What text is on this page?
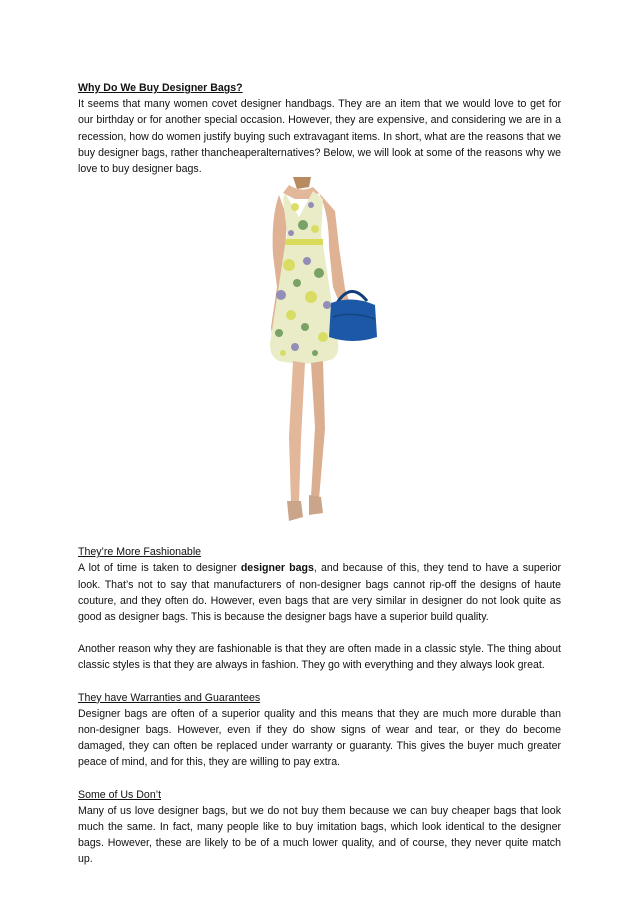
Why Do We Buy Designer Bags?

It seems that many women covet designer handbags. They are an item that we would love to get for our birthday or for another special occasion. However, they are expensive, and considering we are in a recession, how do women justify buying such extravagant items. In short, what are the reasons that we buy designer bags, rather thancheaperalternatives? Below, we will look at some of the reasons why we love to buy designer bags.

They’re More Fashionable

A lot of time is taken to designer designer bags, and because of this, they tend to have a superior look. That’s not to say that manufacturers of non-designer bags cannot rip-off the designs of haute couture, and they often do. However, even bags that are very similar in designer do not look quite as good as designer bags. This is because the designer bags have a superior build quality.

Another reason why they are fashionable is that they are often made in a classic style. The thing about classic styles is that they are always in fashion. They go with everything and they always look great.

They have Warranties and Guarantees

Designer bags are often of a superior quality and this means that they are much more durable than non-designer bags. However, even if they do show signs of wear and tear, or they do become damaged, they can often be replaced under warranty or guaranty. This gives the buyer much greater peace of mind, and for this, they are willing to pay extra.

Some of Us Don’t

Many of us love designer bags, but we do not buy them because we can buy cheaper bags that look much the same. In fact, many people like to buy imitation bags, which look identical to the designer bags. However, these are likely to be of a much lower quality, and of course, they never quite match up.
